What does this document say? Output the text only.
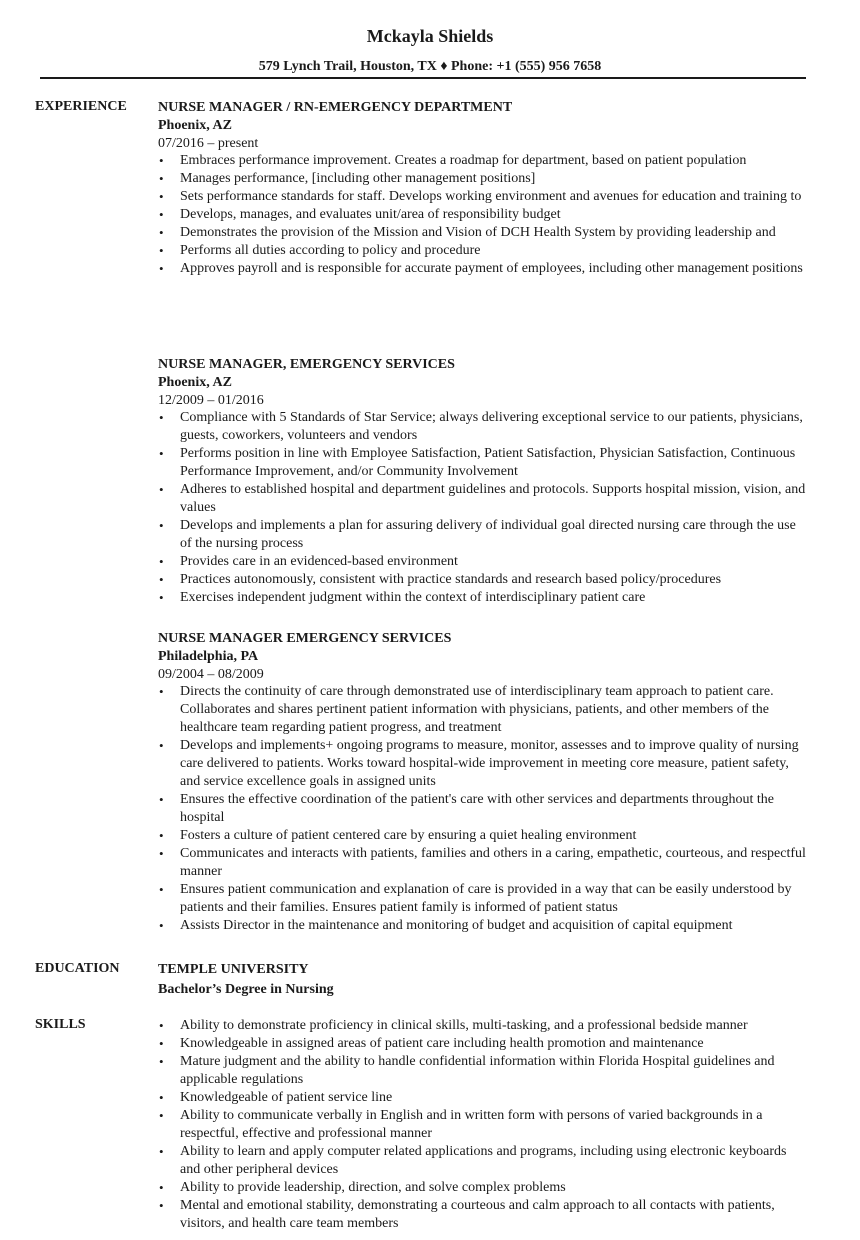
Mckayla Shields
579 Lynch Trail, Houston, TX ♦ Phone: +1 (555) 956 7658
EXPERIENCE NURSE MANAGER / RN-EMERGENCY DEPARTMENT
Phoenix, AZ
07/2016 – present
• Embraces performance improvement. Creates a roadmap for department, based on patient population
• Manages performance, [including other management positions]
• Sets performance standards for staff. Develops working environment and avenues for education and training to
• Develops, manages, and evaluates unit/area of responsibility budget
• Demonstrates the provision of the Mission and Vision of DCH Health System by providing leadership and
• Performs all duties according to policy and procedure
• Approves payroll and is responsible for accurate payment of employees, including other management positions
NURSE MANAGER, EMERGENCY SERVICES
Phoenix, AZ
12/2009 – 01/2016
• Compliance with 5 Standards of Star Service; always delivering exceptional service to our patients, physicians, guests, coworkers, volunteers and vendors
• Performs position in line with Employee Satisfaction, Patient Satisfaction, Physician Satisfaction, Continuous Performance Improvement, and/or Community Involvement
• Adheres to established hospital and department guidelines and protocols. Supports hospital mission, vision, and values
• Develops and implements a plan for assuring delivery of individual goal directed nursing care through the use of the nursing process
• Provides care in an evidenced-based environment
• Practices autonomously, consistent with practice standards and research based policy/procedures
• Exercises independent judgment within the context of interdisciplinary patient care
NURSE MANAGER EMERGENCY SERVICES
Philadelphia, PA
09/2004 – 08/2009
• Directs the continuity of care through demonstrated use of interdisciplinary team approach to patient care. Collaborates and shares pertinent patient information with physicians, patients, and other members of the healthcare team regarding patient progress, and treatment
• Develops and implements+ ongoing programs to measure, monitor, assesses and to improve quality of nursing care delivered to patients. Works toward hospital-wide improvement in meeting core measure, patient safety, and service excellence goals in assigned units
• Ensures the effective coordination of the patient's care with other services and departments throughout the hospital
• Fosters a culture of patient centered care by ensuring a quiet healing environment
• Communicates and interacts with patients, families and others in a caring, empathetic, courteous, and respectful manner
• Ensures patient communication and explanation of care is provided in a way that can be easily understood by patients and their families. Ensures patient family is informed of patient status
• Assists Director in the maintenance and monitoring of budget and acquisition of capital equipment
EDUCATION	TEMPLE UNIVERSITY
Bachelor’s Degree in Nursing
SKILLS	• Ability to demonstrate proficiency in clinical skills, multi-tasking, and a professional bedside manner
• Knowledgeable in assigned areas of patient care including health promotion and maintenance
• Mature judgment and the ability to handle confidential information within Florida Hospital guidelines and applicable regulations
• Knowledgeable of patient service line
• Ability to communicate verbally in English and in written form with persons of varied backgrounds in a respectful, effective and professional manner
• Ability to learn and apply computer related applications and programs, including using electronic keyboards and other peripheral devices
• Ability to provide leadership, direction, and solve complex problems
• Mental and emotional stability, demonstrating a courteous and calm approach to all contacts with patients, visitors, and health care team members
